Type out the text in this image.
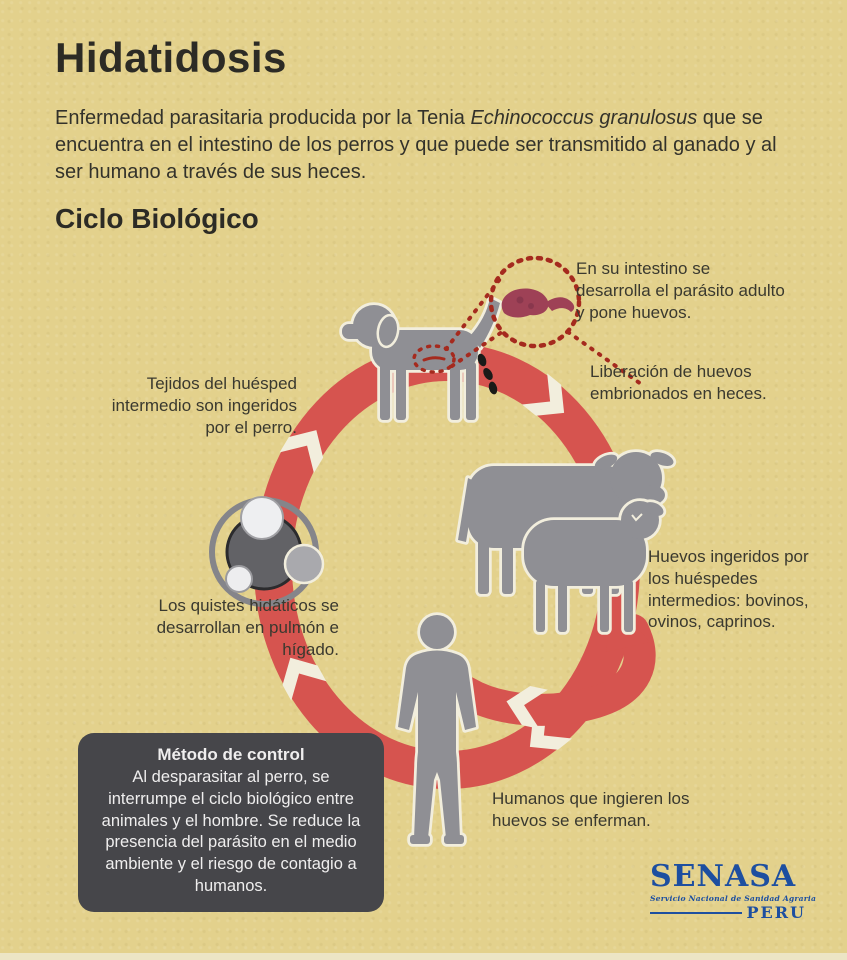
Hidatidosis
Enfermedad parasitaria producida por la Tenia Echinococcus granulosus que se encuentra en el intestino de los perros y que puede ser transmitido al ganado y al ser humano a través de sus heces.
Ciclo Biológico
En su intestino se desarrolla el parásito adulto y pone huevos.
Liberación de huevos embrionados en heces.
Tejidos del huésped intermedio son ingeridos por el perro.
Huevos ingeridos por los huéspedes intermedios: bovinos, ovinos, caprinos.
Los quistes hidáticos se desarrollan en pulmón e hígado.
Humanos que ingieren los huevos se enferman.
Método de control
Al desparasitar al perro, se interrumpe el ciclo biológico entre animales y el hombre. Se reduce la presencia del parásito en el medio ambiente y el riesgo de contagio a humanos.	SENASA
Servicio Nacional de Sanidad Agraria
PERU
